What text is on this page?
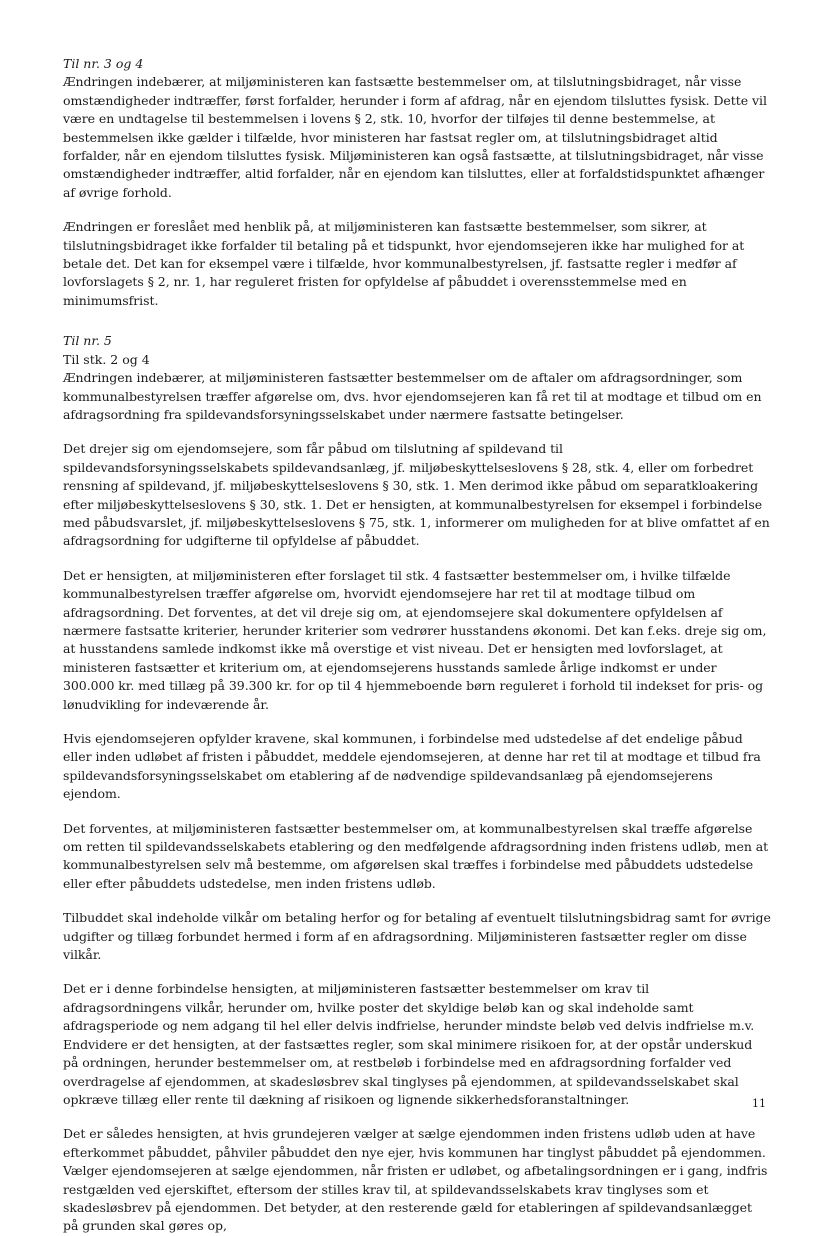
Til nr. 3 og 4

Ændringen indebærer, at miljøministeren kan fastsætte bestemmelser om, at tilslutningsbidraget, når visse omstændigheder indtræffer, først forfalder, herunder i form af afdrag, når en ejendom tilsluttes fysisk. Dette vil være en undtagelse til bestemmelsen i lovens § 2, stk. 10, hvorfor der tilføjes til denne bestemmelse, at bestemmelsen ikke gælder i tilfælde, hvor ministeren har fastsat regler om, at tilslutningsbidraget altid forfalder, når en ejendom tilsluttes fysisk. Miljøministeren kan også fastsætte, at tilslutningsbidraget, når visse omstændigheder indtræffer, altid forfalder, når en ejendom kan tilsluttes, eller at forfaldstidspunktet afhænger af øvrige forhold.

Ændringen er foreslået med henblik på, at miljøministeren kan fastsætte bestemmelser, som sikrer, at tilslutningsbidraget ikke forfalder til betaling på et tidspunkt, hvor ejendomsejeren ikke har mulighed for at betale det. Det kan for eksempel være i tilfælde, hvor kommunalbestyrelsen, jf. fastsatte regler i medfør af lovforslagets § 2, nr. 1, har reguleret fristen for opfyldelse af påbuddet i overensstemmelse med en minimumsfrist.

Til nr. 5
Til stk. 2 og 4

Ændringen indebærer, at miljøministeren fastsætter bestemmelser om de aftaler om afdragsordninger, som kommunalbestyrelsen træffer afgørelse om, dvs. hvor ejendomsejeren kan få ret til at modtage et tilbud om en afdragsordning fra spildevandsforsyningsselskabet under nærmere fastsatte betingelser.

Det drejer sig om ejendomsejere, som får påbud om tilslutning af spildevand til spildevandsforsyningsselskabets spildevandsanlæg, jf. miljøbeskyttelseslovens § 28, stk. 4, eller om forbedret rensning af spildevand, jf. miljøbeskyttelseslovens § 30, stk. 1. Men derimod ikke påbud om separatkloakering efter miljøbeskyttelseslovens § 30, stk. 1. Det er hensigten, at kommunalbestyrelsen for eksempel i forbindelse med påbudsvarslet, jf. miljøbeskyttelseslovens § 75, stk. 1, informerer om muligheden for at blive omfattet af en afdragsordning for udgifterne til opfyldelse af påbuddet.

Det er hensigten, at miljøministeren efter forslaget til stk. 4 fastsætter bestemmelser om, i hvilke tilfælde kommunalbestyrelsen træffer afgørelse om, hvorvidt ejendomsejere har ret til at modtage tilbud om afdragsordning. Det forventes, at det vil dreje sig om, at ejendomsejere skal dokumentere opfyldelsen af nærmere fastsatte kriterier, herunder kriterier som vedrører husstandens økonomi. Det kan f.eks. dreje sig om, at husstandens samlede indkomst ikke må overstige et vist niveau. Det er hensigten med lovforslaget, at ministeren fastsætter et kriterium om, at ejendomsejerens husstands samlede årlige indkomst er under 300.000 kr. med tillæg på 39.300 kr. for op til 4 hjemmeboende børn reguleret i forhold til indekset for pris- og lønudvikling for indeværende år.

Hvis ejendomsejeren opfylder kravene, skal kommunen, i forbindelse med udstedelse af det endelige påbud eller inden udløbet af fristen i påbuddet, meddele ejendomsejeren, at denne har ret til at modtage et tilbud fra spildevandsforsyningsselskabet om etablering af de nødvendige spildevandsanlæg på ejendomsejerens ejendom.

Det forventes, at miljøministeren fastsætter bestemmelser om, at kommunalbestyrelsen skal træffe afgørelse om retten til spildevandsselskabets etablering og den medfølgende afdragsordning inden fristens udløb, men at kommunalbestyrelsen selv må bestemme, om afgørelsen skal træffes i forbindelse med påbuddets udstedelse eller efter påbuddets udstedelse, men inden fristens udløb.

Tilbuddet skal indeholde vilkår om betaling herfor og for betaling af eventuelt tilslutningsbidrag samt for øvrige udgifter og tillæg forbundet hermed i form af en afdragsordning. Miljøministeren fastsætter regler om disse vilkår.

Det er i denne forbindelse hensigten, at miljøministeren fastsætter bestemmelser om krav til afdragsordningens vilkår, herunder om, hvilke poster det skyldige beløb kan og skal indeholde samt afdragsperiode og nem adgang til hel eller delvis indfrielse, herunder mindste beløb ved delvis indfrielse m.v. Endvidere er det hensigten, at der fastsættes regler, som skal minimere risikoen for, at der opstår underskud på ordningen, herunder bestemmelser om, at restbeløb i forbindelse med en afdragsordning forfalder ved overdragelse af ejendommen, at skadesløsbrev skal tinglyses på ejendommen, at spildevandsselskabet skal opkræve tillæg eller rente til dækning af risikoen og lignende sikkerhedsforanstaltninger.

Det er således hensigten, at hvis grundejeren vælger at sælge ejendommen inden fristens udløb uden at have efterkommet påbuddet, påhviler påbuddet den nye ejer, hvis kommunen har tinglyst påbuddet på ejendommen. Vælger ejendomsejeren at sælge ejendommen, når fristen er udløbet, og afbetalingsordningen er i gang, indfris restgælden ved ejerskiftet, eftersom der stilles krav til, at spildevandsselskabets krav tinglyses som et skadesløsbrev på ejendommen. Det betyder, at den resterende gæld for etableringen af spildevandsanlægget på grunden skal gøres op,

11
